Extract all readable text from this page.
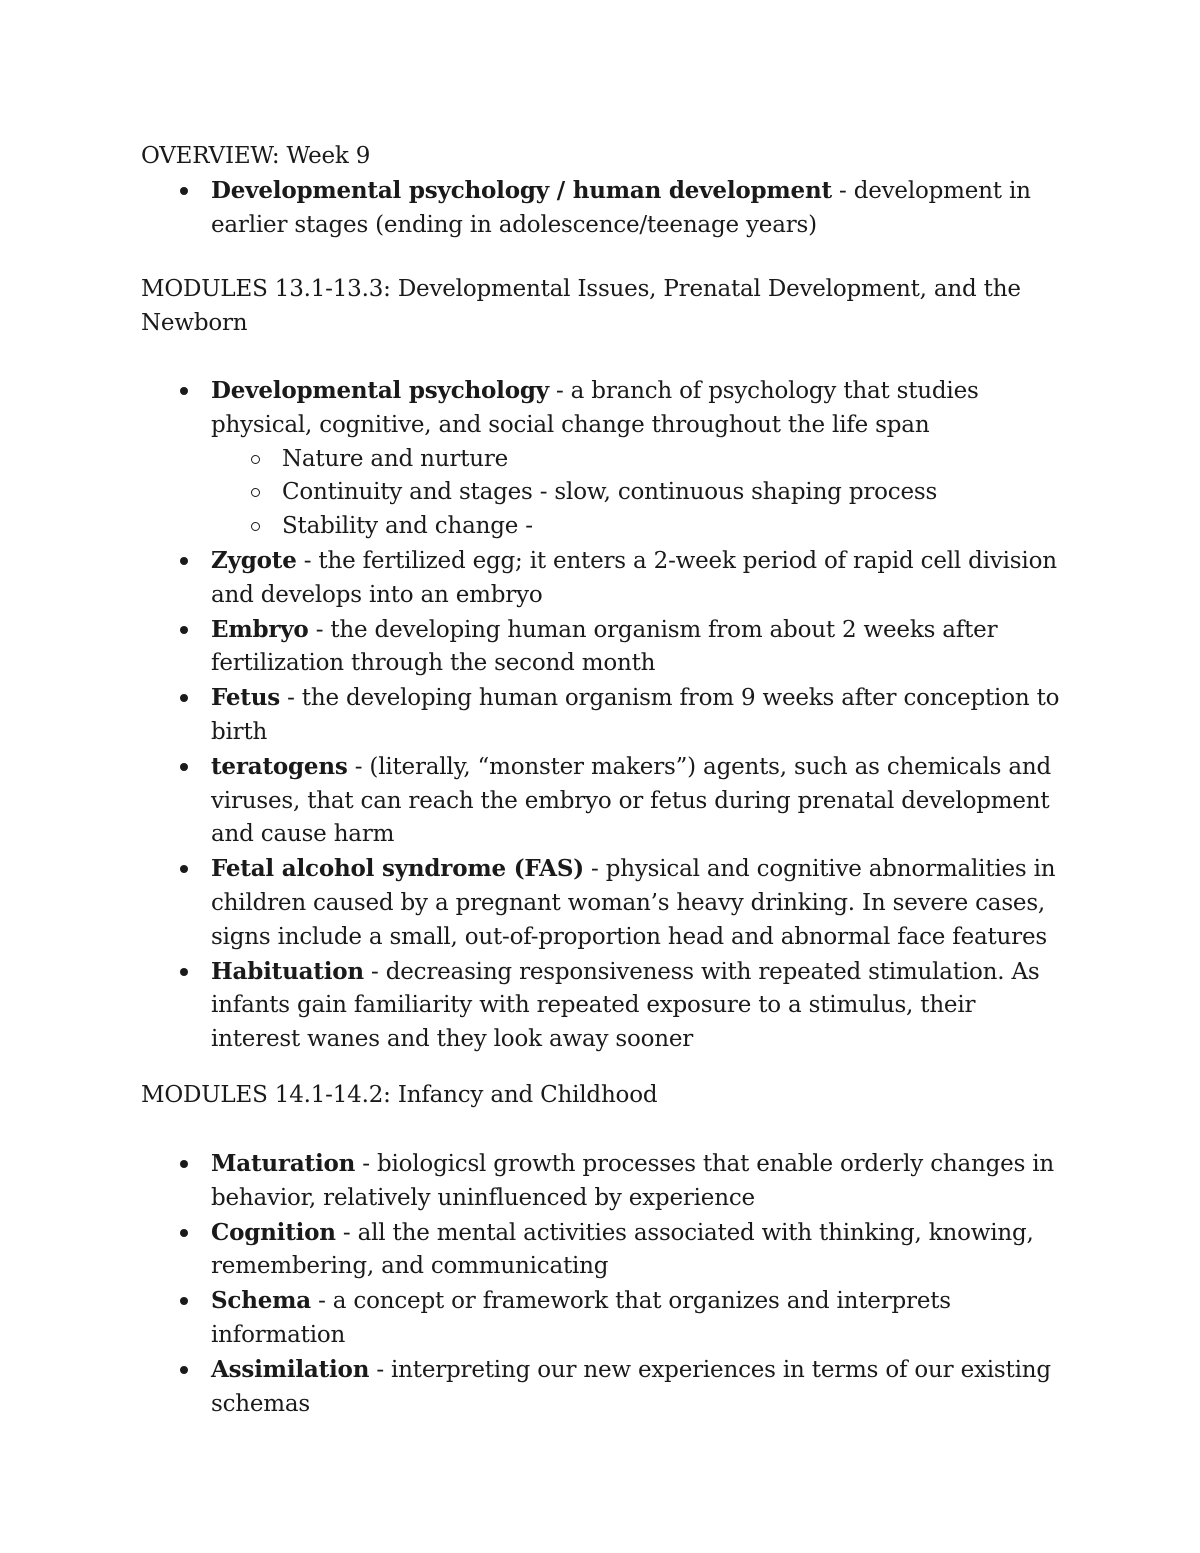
OVERVIEW: Week 9
Developmental psychology / human development - development in earlier stages (ending in adolescence/teenage years)
MODULES 13.1-13.3: Developmental Issues, Prenatal Development, and the Newborn
Developmental psychology - a branch of psychology that studies physical, cognitive, and social change throughout the life span
Nature and nurture
Continuity and stages - slow, continuous shaping process
Stability and change -
Zygote - the fertilized egg; it enters a 2-week period of rapid cell division and develops into an embryo
Embryo - the developing human organism from about 2 weeks after fertilization through the second month
Fetus - the developing human organism from 9 weeks after conception to birth
teratogens - (literally, “monster makers”) agents, such as chemicals and viruses, that can reach the embryo or fetus during prenatal development and cause harm
Fetal alcohol syndrome (FAS) - physical and cognitive abnormalities in children caused by a pregnant woman’s heavy drinking. In severe cases, signs include a small, out-of-proportion head and abnormal face features
Habituation - decreasing responsiveness with repeated stimulation. As infants gain familiarity with repeated exposure to a stimulus, their interest wanes and they look away sooner
MODULES 14.1-14.2: Infancy and Childhood
Maturation - biologicsl growth processes that enable orderly changes in behavior, relatively uninfluenced by experience
Cognition - all the mental activities associated with thinking, knowing, remembering, and communicating
Schema - a concept or framework that organizes and interprets information
Assimilation - interpreting our new experiences in terms of our existing schemas
